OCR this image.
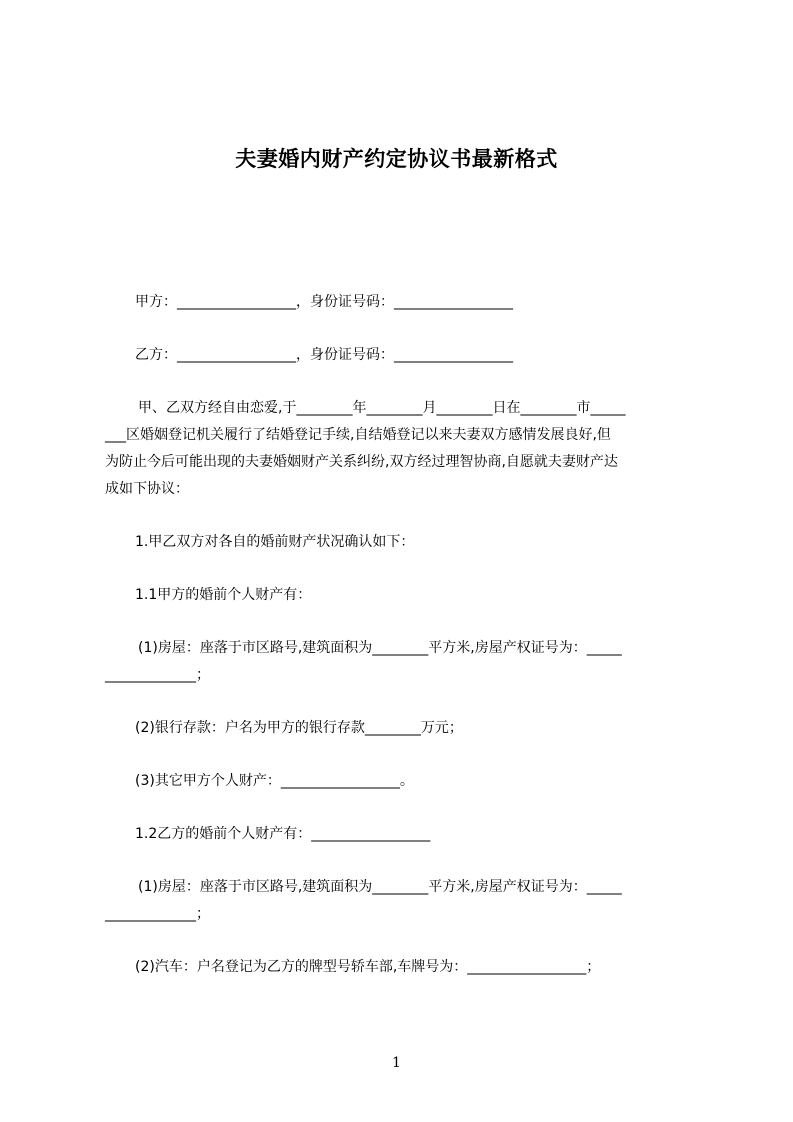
夫妻婚内财产约定协议书最新格式
甲方：_________________，身份证号码：_________________
乙方：_________________，身份证号码：_________________
甲、乙双方经自由恋爱,于________年________月________日在________市_____
___区婚姻登记机关履行了结婚登记手续,自结婚登记以来夫妻双方感情发展良好,但
为防止今后可能出现的夫妻婚姻财产关系纠纷,双方经过理智协商,自愿就夫妻财产达
成如下协议：
1.甲乙双方对各自的婚前财产状况确认如下：
1.1甲方的婚前个人财产有：
(1)房屋：座落于市区路号,建筑面积为________平方米,房屋产权证号为：_____
_____________；
(2)银行存款：户名为甲方的银行存款________万元；
(3)其它甲方个人财产：_________________。
1.2乙方的婚前个人财产有：_________________
(1)房屋：座落于市区路号,建筑面积为________平方米,房屋产权证号为：_____
_____________；
(2)汽车：户名登记为乙方的牌型号轿车部,车牌号为：_________________；
1
